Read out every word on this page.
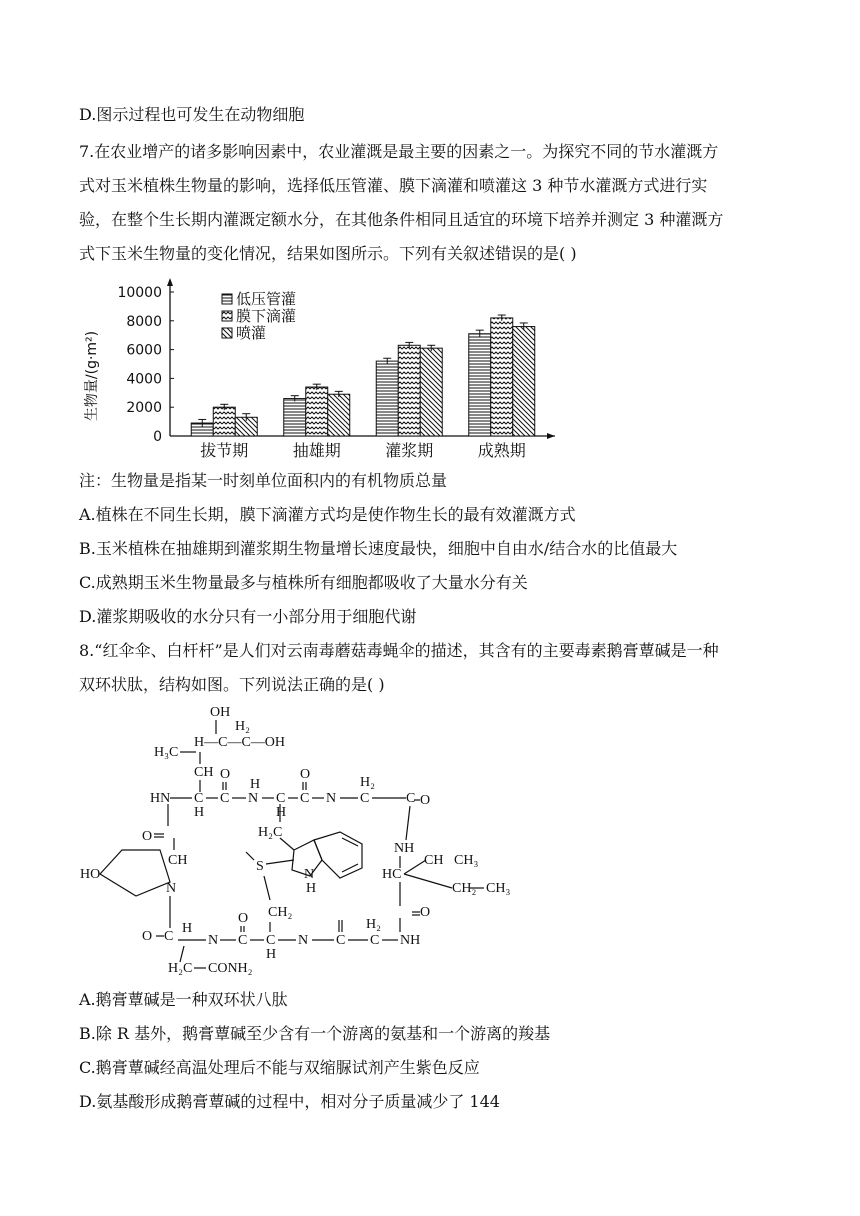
D.图示过程也可发生在动物细胞
7.在农业增产的诸多影响因素中，农业灌溉是最主要的因素之一。为探究不同的节水灌溉方
式对玉米植株生物量的影响，选择低压管灌、膜下滴灌和喷灌这 3 种节水灌溉方式进行实
验，在整个生长期内灌溉定额水分，在其他条件相同且适宜的环境下培养并测定 3 种灌溉方
式下玉米生物量的变化情况，结果如图所示。下列有关叙述错误的是( )
0
2000
4000
6000
8000
10000
拔节期	抽雄期	灌浆期	成熟期
低压管灌
膜下滴灌
喷灌
生物量/(g·m²)
注：生物量是指某一时刻单位面积内的有机物质总量
A.植株在不同生长期，膜下滴灌方式均是使作物生长的最有效灌溉方式
B.玉米植株在抽雄期到灌浆期生物量增长速度最快，细胞中自由水/结合水的比值最大
C.成熟期玉米生物量最多与植株所有细胞都吸收了大量水分有关
D.灌浆期吸收的水分只有一小部分用于细胞代谢
8.“红伞伞、白杆杆”是人们对云南毒蘑菇毒蝇伞的描述，其含有的主要毒素鹅膏蕈碱是一种
双环状肽，结构如图。下列说法正确的是( )
OH
H₂
H—C—C—OH
H₃C
CH O
H
O
H₂
HN C C N C C N C	C
H	H
H₂C
O
O
NH
HO
CH
HC
CH CH₃
N
S
N
H	CH₂ CH₃
CH₂
O
O	H₂
O
C
H
N C C N C C NH
H₂C CONH₂
H
A.鹅膏蕈碱是一种双环状八肽
B.除 R 基外，鹅膏蕈碱至少含有一个游离的氨基和一个游离的羧基
C.鹅膏蕈碱经高温处理后不能与双缩脲试剂产生紫色反应
D.氨基酸形成鹅膏蕈碱的过程中，相对分子质量减少了 144
